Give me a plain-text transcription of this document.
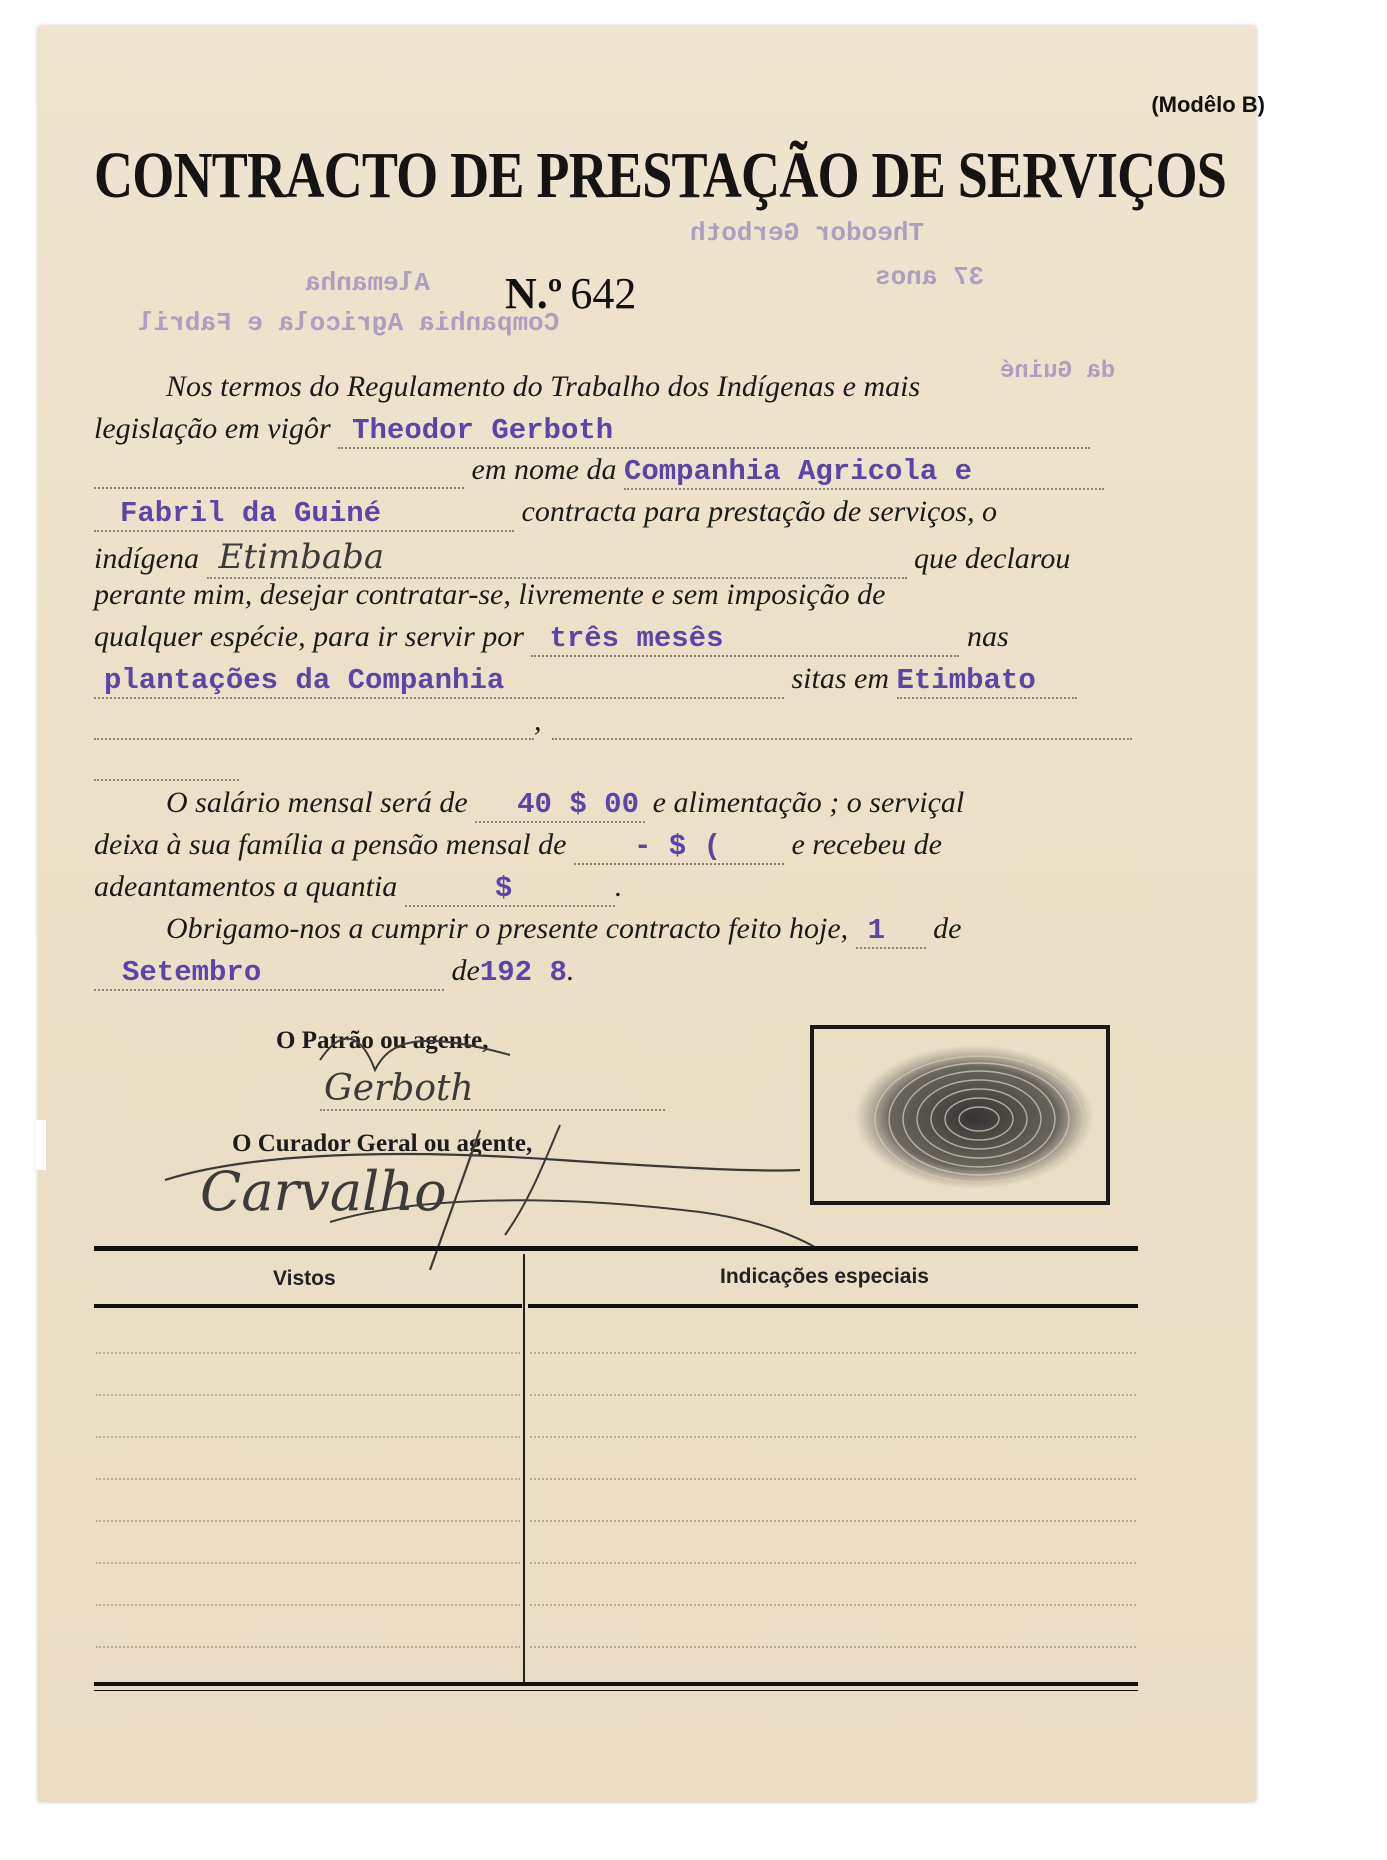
Theodor Gerboth
Alemanha	37 anos
Companhia Agricola e Fabril
da Guiné
(Modêlo B)
CONTRACTO DE PRESTAÇÃO DE SERVIÇOS
N.º 642
Nos termos do Regulamento do Trabalho dos Indígenas e mais
legislação em vigôr Theodor Gerboth
em nome da Companhia Agricola e
Fabril da Guiné	contracta para prestação de serviços, o
indígena Etimbaba	que declarou
perante mim, desejar contratar-se, livremente e sem imposição de
qualquer espécie, para ir servir por três mesês	nas
plantações da Companhia	sitas em Etimbato
,

O salário mensal será de 40 $ 00 e alimentação ; o serviçal
deixa à sua família a pensão mensal de - $ ( e recebeu de
adeantamentos a quantia	$	.
Obrigamo-nos a cumprir o presente contracto feito hoje, 1 de
Setembro	de192 8.
O Patrão ou agente,
Gerboth
O Curador Geral ou agente,
Carvalho
Vistos	Indicações especiais
